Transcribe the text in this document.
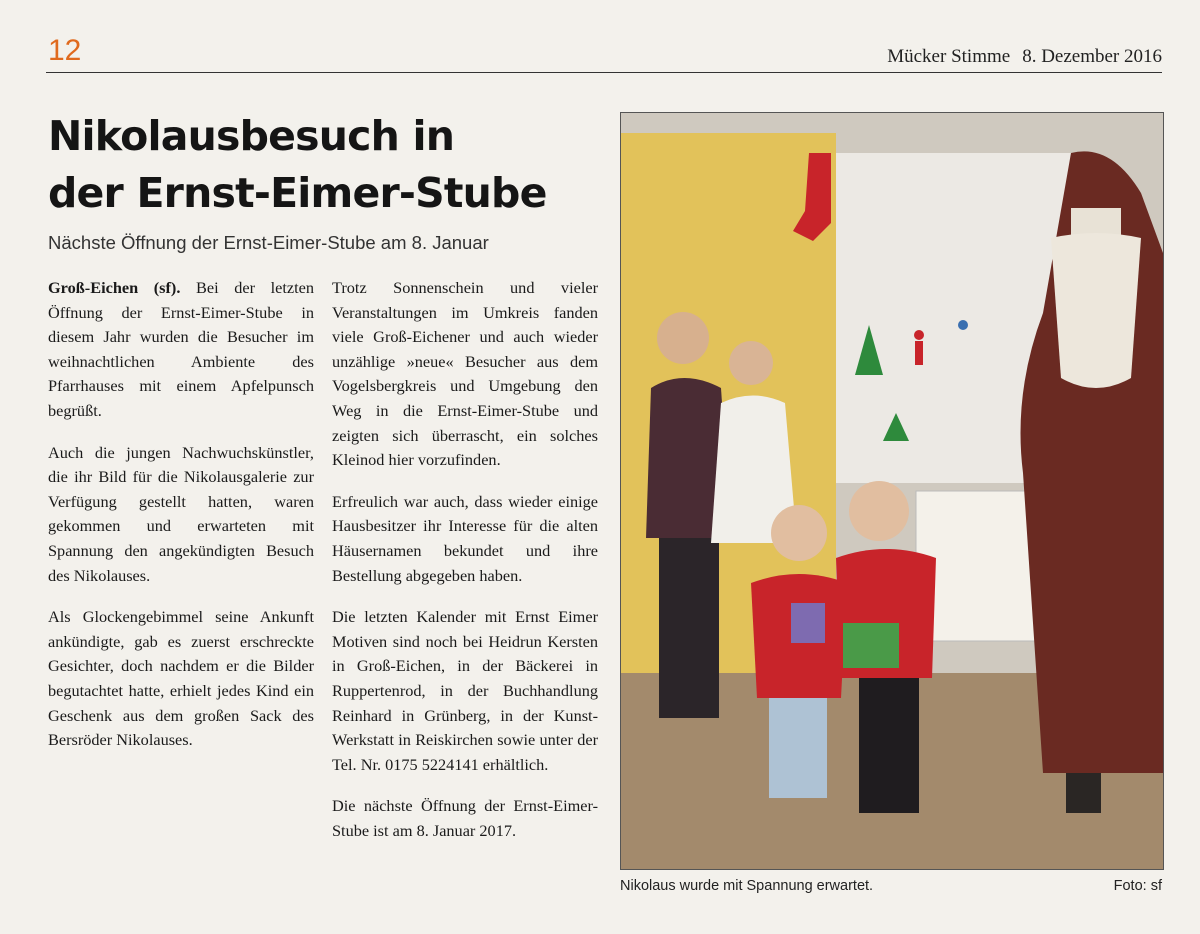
12	Mücker Stimme 8. Dezember 2016
Nikolausbesuch in
der Ernst-Eimer-Stube
Nächste Öffnung der Ernst-Eimer-Stube am 8. Januar

Groß-Eichen (sf). Bei der letzten Öffnung der Ernst-Eimer-Stube in diesem Jahr wurden die Besucher im weihnachtlichen Ambiente des Pfarrhauses mit einem Apfelpunsch begrüßt.

Auch die jungen Nachwuchskünstler, die ihr Bild für die Nikolausgalerie zur Verfügung gestellt hatten, waren gekommen und erwarteten mit Spannung den angekündigten Besuch des Nikolauses.

Als Glockengebimmel seine Ankunft ankündigte, gab es zuerst erschreckte Gesichter, doch nachdem er die Bilder begutachtet hatte, erhielt jedes Kind ein Geschenk aus dem großen Sack des Bersröder Nikolauses.

Trotz Sonnenschein und vieler Veranstaltungen im Umkreis fanden viele Groß-Eichener und auch wieder unzählige »neue« Besucher aus dem Vogelsbergkreis und Umgebung den Weg in die Ernst-Eimer-Stube und zeigten sich überrascht, ein solches Kleinod hier vorzufinden.

Erfreulich war auch, dass wieder einige Hausbesitzer ihr Interesse für die alten Häusernamen bekundet und ihre Bestellung abgegeben haben.

Die letzten Kalender mit Ernst Eimer Motiven sind noch bei Heidrun Kersten in Groß-Eichen, in der Bäckerei in Ruppertenrod, in der Buchhandlung Reinhard in Grünberg, in der Kunst- Werkstatt in Reiskirchen sowie unter der Tel. Nr. 0175 5224141 erhältlich.

Die nächste Öffnung der Ernst-Eimer-Stube ist am 8. Januar 2017.

Nikolaus wurde mit Spannung erwartet.	Foto: sf
